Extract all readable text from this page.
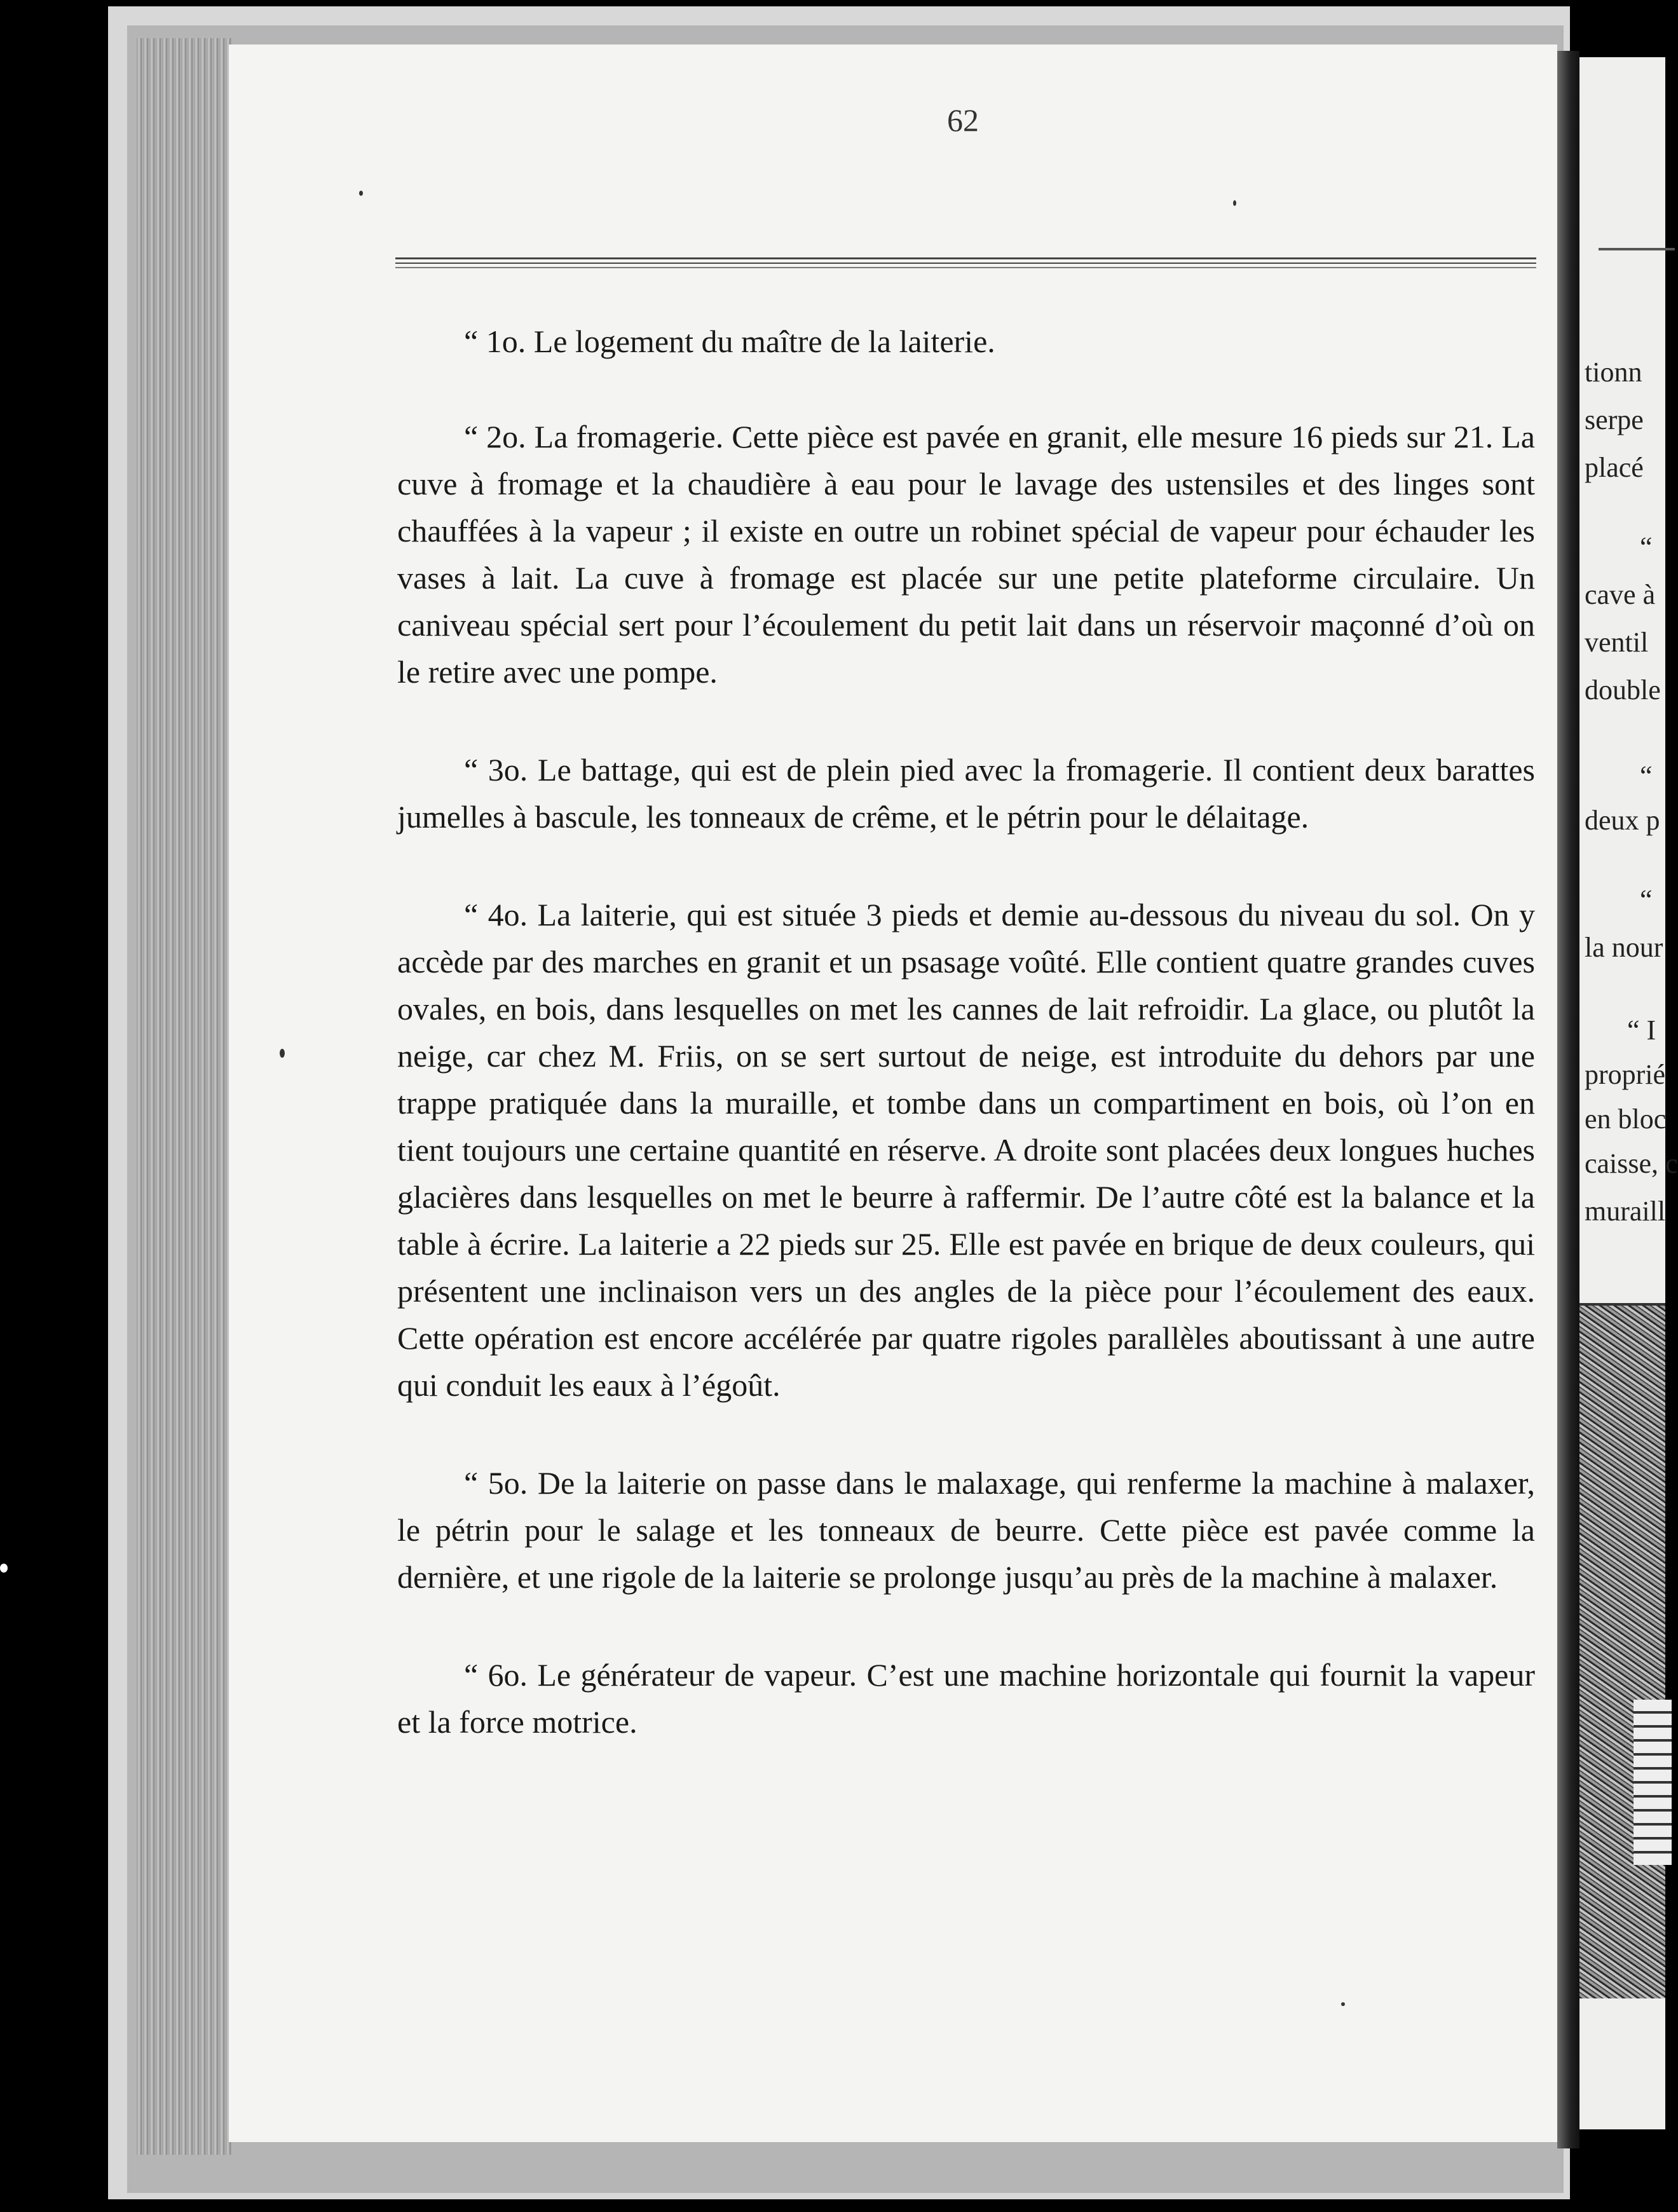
tionn
serpe
placé
“
cave à
ventil
double
“
deux p
“
la nour
“ I
proprié
en bloc
caisse, c
muraill
62

“ 1o. Le logement du maître de la laiterie.

“ 2o. La fromagerie. Cette pièce est pavée en granit, elle mesure 16 pieds sur 21. La cuve à fromage et la chaudière à eau pour le lavage des ustensiles et des linges sont chauffées à la vapeur ; il existe en outre un robinet spécial de vapeur pour échauder les vases à lait. La cuve à fromage est placée sur une petite plateforme circulaire. Un caniveau spécial sert pour l’écoulement du petit lait dans un réservoir maçonné d’où on le retire avec une pompe.

“ 3o. Le battage, qui est de plein pied avec la fromagerie. Il contient deux barattes jumelles à bascule, les tonneaux de crême, et le pétrin pour le délaitage.

“ 4o. La laiterie, qui est située 3 pieds et demie au-dessous du niveau du sol. On y accède par des marches en granit et un psasage voûté. Elle contient quatre grandes cuves ovales, en bois, dans lesquelles on met les cannes de lait refroidir. La glace, ou plutôt la neige, car chez M. Friis, on se sert surtout de neige, est introduite du dehors par une trappe pratiquée dans la muraille, et tombe dans un compartiment en bois, où l’on en tient toujours une certaine quantité en réserve. A droite sont placées deux longues huches glacières dans lesquelles on met le beurre à raffermir. De l’autre côté est la balance et la table à écrire. La laiterie a 22 pieds sur 25. Elle est pavée en brique de deux couleurs, qui présentent une inclinaison vers un des angles de la pièce pour l’écoulement des eaux. Cette opération est encore accélérée par quatre rigoles parallèles aboutissant à une autre qui conduit les eaux à l’égoût.

“ 5o. De la laiterie on passe dans le malaxage, qui renferme la machine à malaxer, le pétrin pour le salage et les tonneaux de beurre. Cette pièce est pavée comme la dernière, et une rigole de la laiterie se prolonge jusqu’au près de la machine à malaxer.

“ 6o. Le générateur de vapeur. C’est une machine horizontale qui fournit la vapeur et la force motrice.
